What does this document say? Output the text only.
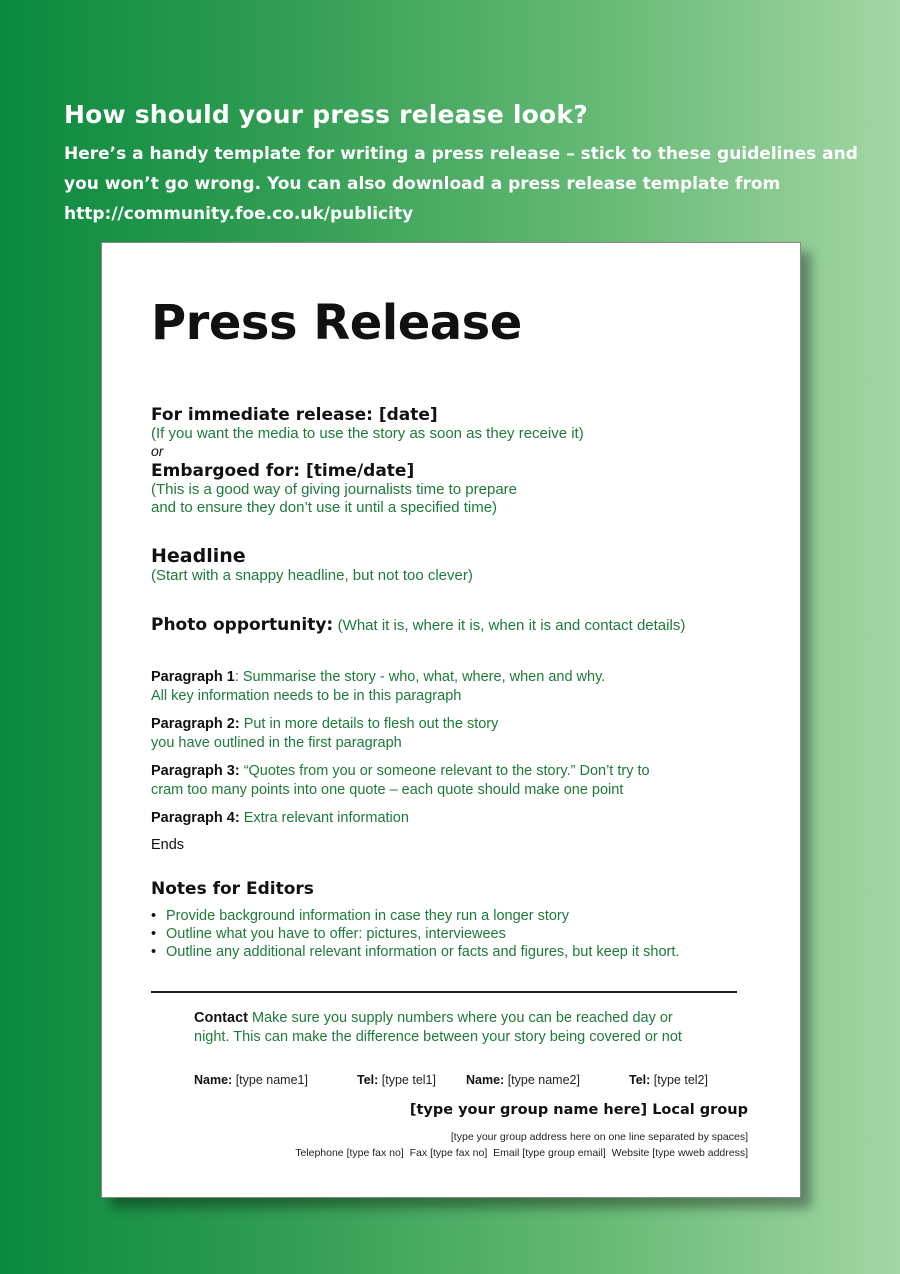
How should your press release look?

Here’s a handy template for writing a press release – stick to these guidelines and
you won’t go wrong. You can also download a press release template from
http://community.foe.co.uk/publicity

Press Release
For immediate release: [date]
(If you want the media to use the story as soon as they receive it)
or
Embargoed for: [time/date]
(This is a good way of giving journalists time to prepare
and to ensure they don’t use it until a specified time)
Headline
(Start with a snappy headline, but not too clever)
Photo opportunity: (What it is, where it is, when it is and contact details)

Paragraph 1: Summarise the story - who, what, where, when and why.
All key information needs to be in this paragraph

Paragraph 2: Put in more details to flesh out the story
you have outlined in the first paragraph

Paragraph 3: “Quotes from you or someone relevant to the story.” Don’t try to
cram too many points into one quote – each quote should make one point

Paragraph 4: Extra relevant information

Ends
Notes for Editors
• Provide background information in case they run a longer story
• Outline what you have to offer: pictures, interviewees
• Outline any additional relevant information or facts and figures, but keep it short.

Contact Make sure you supply numbers where you can be reached day or
night. This can make the difference between your story being covered or not

Name: [type name1]	Tel: [type tel1] Name: [type name2]	Tel: [type tel2]
[type your group name here] Local group
[type your group address here on one line separated by spaces]
Telephone [type fax no] Fax [type fax no] Email [type group email] Website [type wweb address]
